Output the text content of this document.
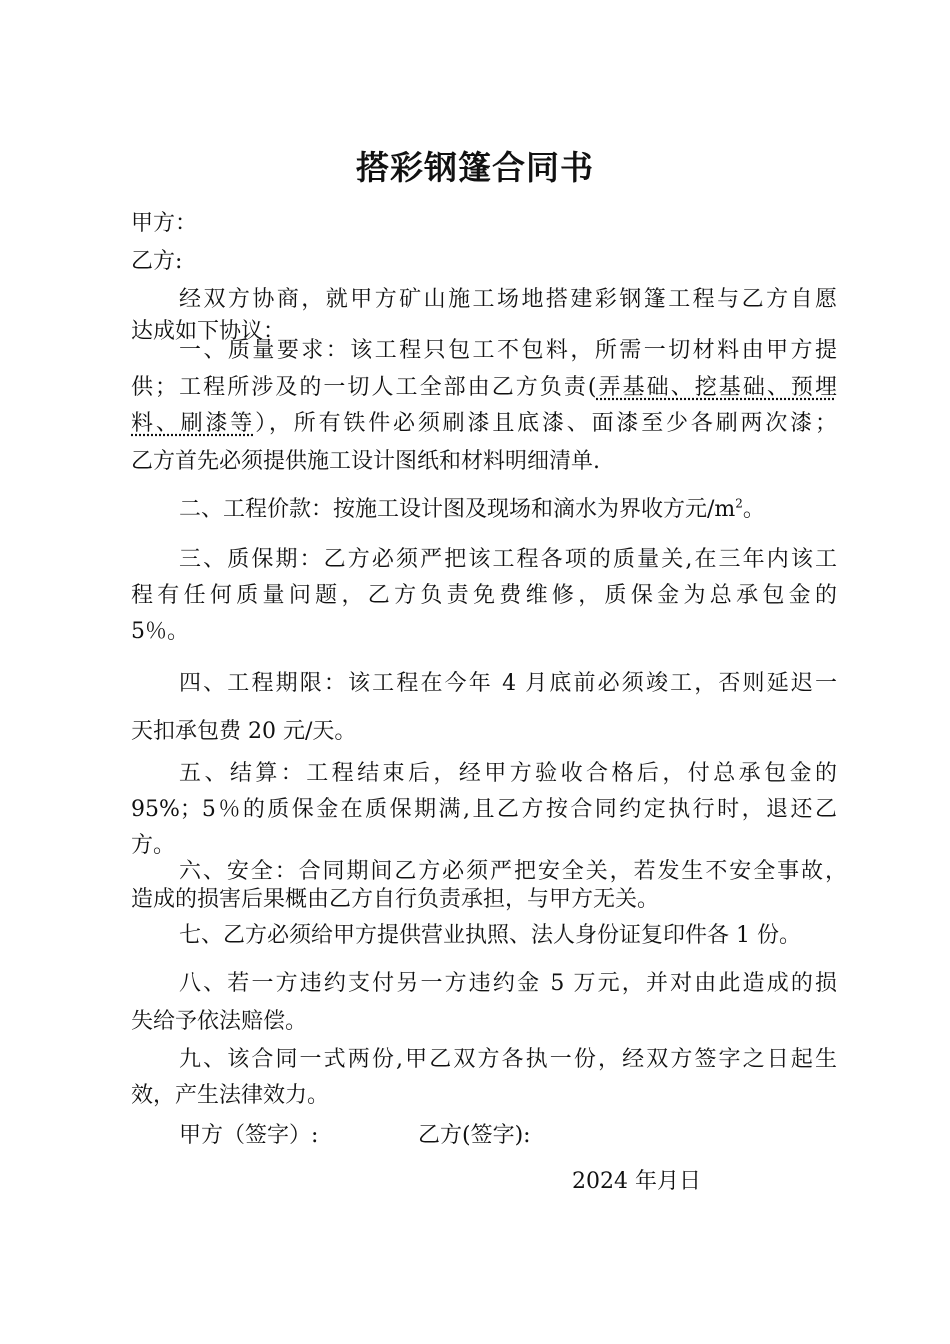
搭彩钢篷合同书
甲方：
乙方:
经双方协商，就甲方矿山施工场地搭建彩钢篷工程与乙方自愿
达成如下协议：
一、质量要求：该工程只包工不包料，所需一切材料由甲方提
供；工程所涉及的一切人工全部由乙方负责(弄基础、挖基础、预埋
料、刷漆等），所有铁件必须刷漆且底漆、面漆至少各刷两次漆；
乙方首先必须提供施工设计图纸和材料明细清单.
二、工程价款：按施工设计图及现场和滴水为界收方元$/m^2$。
三、质保期：乙方必须严把该工程各项的质量关,在三年内该工
程有任何质量问题，乙方负责免费维修，质保金为总承包金的
5％。
四、工程期限：该工程在今年 4 月底前必须竣工，否则延迟一
天扣承包费 20 元/天。
五、结算：工程结束后，经甲方验收合格后，付总承包金的
95%；5％的质保金在质保期满,且乙方按合同约定执行时，退还乙
方。
六、安全：合同期间乙方必须严把安全关，若发生不安全事故，
造成的损害后果概由乙方自行负责承担，与甲方无关。
七、乙方必须给甲方提供营业执照、法人身份证复印件各 1 份。
八、若一方违约支付另一方违约金 5 万元，并对由此造成的损
失给予依法赔偿。
九、该合同一式两份,甲乙双方各执一份，经双方签字之日起生
效，产生法律效力。
甲方（签字）:	乙方(签字):
2024 年月日
